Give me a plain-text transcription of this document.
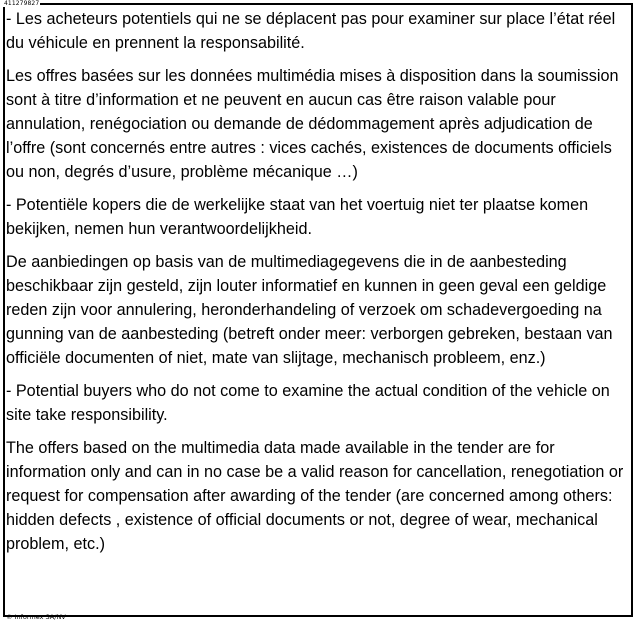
411279827

- Les acheteurs potentiels qui ne se déplacent pas pour examiner sur place l’état réel du véhicule en prennent la responsabilité.

Les offres basées sur les données multimédia mises à disposition dans la soumission sont à titre d’information et ne peuvent en aucun cas être raison valable pour annulation, renégociation ou demande de dédommagement après adjudication de l’offre (sont concernés entre autres : vices cachés, existences de documents officiels ou non, degrés d’usure, problème mécanique …)

- Potentiële kopers die de werkelijke staat van het voertuig niet ter plaatse komen bekijken, nemen hun verantwoordelijkheid.

De aanbiedingen op basis van de multimediagegevens die in de aanbesteding beschikbaar zijn gesteld, zijn louter informatief en kunnen in geen geval een geldige reden zijn voor annulering, heronderhandeling of verzoek om schadevergoeding na gunning van de aanbesteding (betreft onder meer: verborgen gebreken, bestaan van officiële documenten of niet, mate van slijtage, mechanisch probleem, enz.)

- Potential buyers who do not come to examine the actual condition of the vehicle on site take responsibility.

The offers based on the multimedia data made available in the tender are for information only and can in no case be a valid reason for cancellation, renegotiation or request for compensation after awarding of the tender (are concerned among others: hidden defects , existence of official documents or not, degree of wear, mechanical problem, etc.)

© Informex SA/NV
